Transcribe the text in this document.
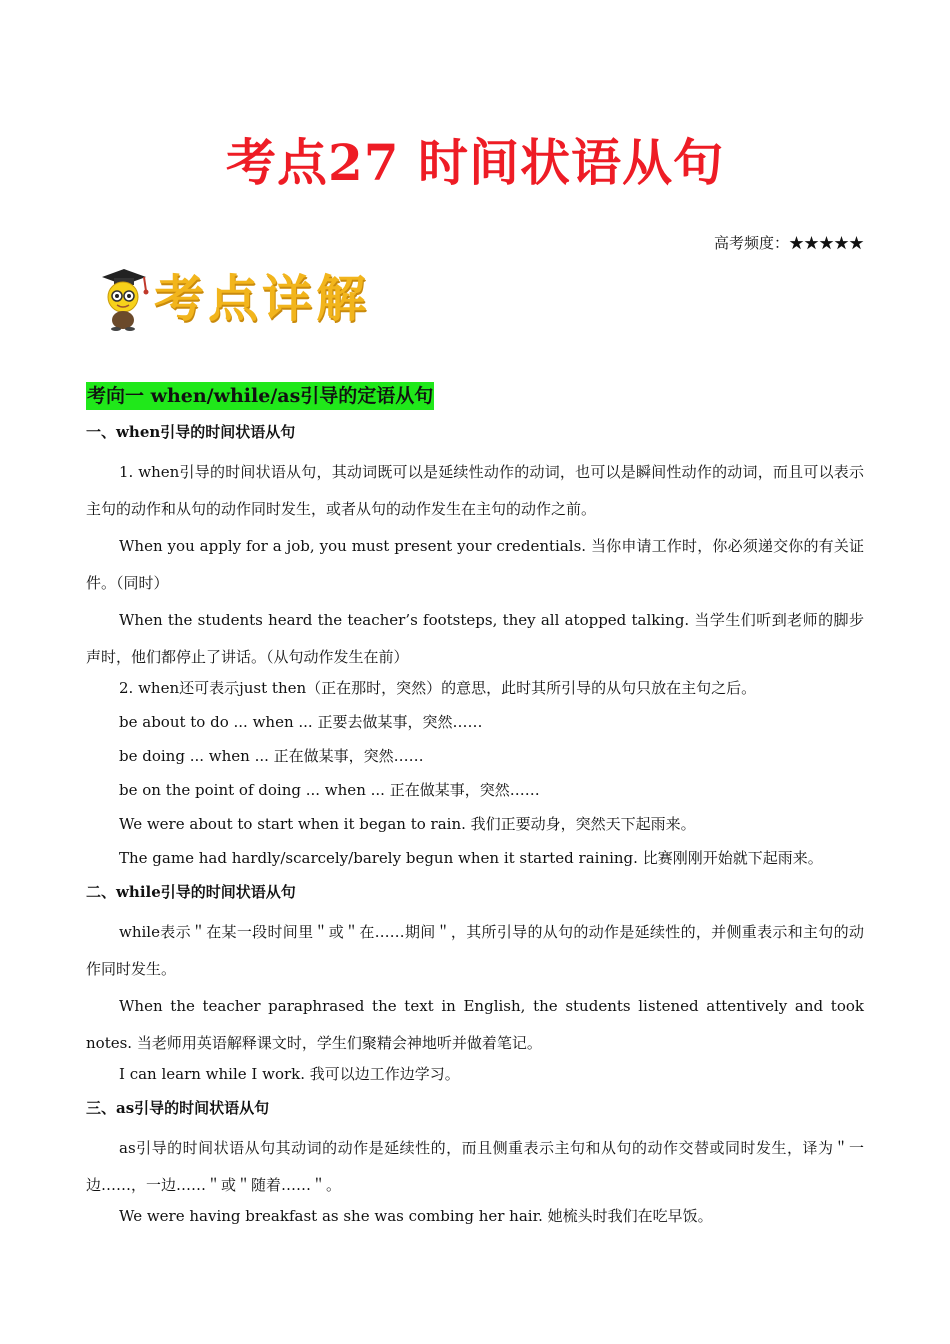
考点27 时间状语从句
高考频度：★★★★★
考点详解
考向一 when/while/as引导的定语从句
一、when引导的时间状语从句

1. when引导的时间状语从句，其动词既可以是延续性动作的动词，也可以是瞬间性动作的动词，而且可以表示主句的动作和从句的动作同时发生，或者从句的动作发生在主句的动作之前。

When you apply for a job, you must present your credentials. 当你申请工作时，你必须递交你的有关证件。（同时）

When the students heard the teacher’s footsteps, they all atopped talking. 当学生们听到老师的脚步声时，他们都停止了讲话。（从句动作发生在前）

2. when还可表示just then（正在那时，突然）的意思，此时其所引导的从句只放在主句之后。

be about to do ... when ... 正要去做某事，突然……

be doing ... when ... 正在做某事，突然……

be on the point of doing ... when ... 正在做某事，突然……

We were about to start when it began to rain. 我们正要动身，突然天下起雨来。

The game had hardly/scarcely/barely begun when it started raining. 比赛刚刚开始就下起雨来。

二、while引导的时间状语从句

while表示＂在某一段时间里＂或＂在……期间＂，其所引导的从句的动作是延续性的，并侧重表示和主句的动作同时发生。

When the teacher paraphrased the text in English, the students listened attentively and took notes. 当老师用英语解释课文时，学生们聚精会神地听并做着笔记。

I can learn while I work. 我可以边工作边学习。

三、as引导的时间状语从句

as引导的时间状语从句其动词的动作是延续性的，而且侧重表示主句和从句的动作交替或同时发生，译为＂一边……，一边……＂或＂随着……＂。

We were having breakfast as she was combing her hair. 她梳头时我们在吃早饭。
